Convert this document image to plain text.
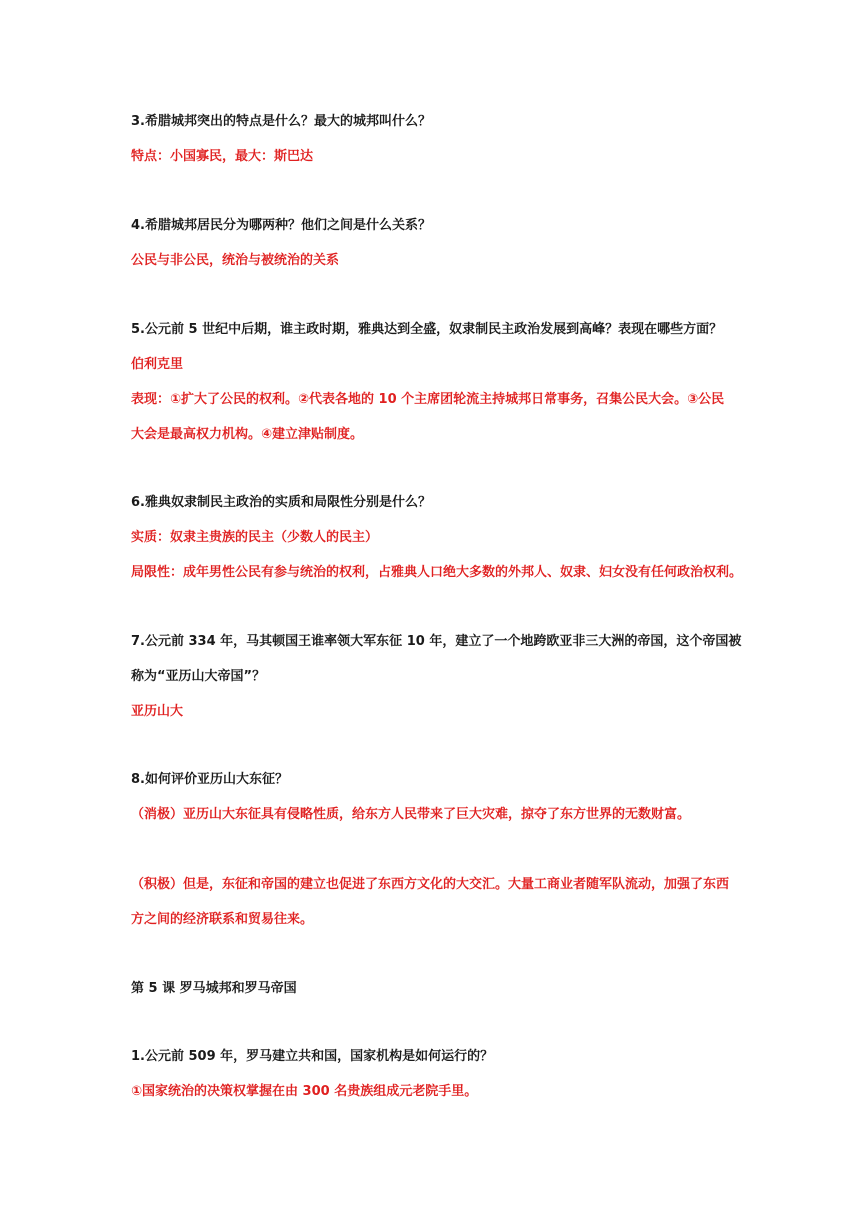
3.希腊城邦突出的特点是什么？最大的城邦叫什么？
特点：小国寡民，最大：斯巴达
4.希腊城邦居民分为哪两种？他们之间是什么关系？
公民与非公民，统治与被统治的关系
5.公元前 5 世纪中后期，谁主政时期，雅典达到全盛，奴隶制民主政治发展到高峰？表现在哪些方面？
伯利克里
表现：①扩大了公民的权利。②代表各地的 10 个主席团轮流主持城邦日常事务，召集公民大会。③公民
大会是最高权力机构。④建立津贴制度。
6.雅典奴隶制民主政治的实质和局限性分别是什么？
实质：奴隶主贵族的民主（少数人的民主）
局限性：成年男性公民有参与统治的权利，占雅典人口绝大多数的外邦人、奴隶、妇女没有任何政治权利。
7.公元前 334 年，马其顿国王谁率领大军东征 10 年，建立了一个地跨欧亚非三大洲的帝国，这个帝国被
称为“亚历山大帝国”？
亚历山大
8.如何评价亚历山大东征？
（消极）亚历山大东征具有侵略性质，给东方人民带来了巨大灾难，掠夺了东方世界的无数财富。
（积极）但是，东征和帝国的建立也促进了东西方文化的大交汇。大量工商业者随军队流动，加强了东西
方之间的经济联系和贸易往来。
第 5 课 罗马城邦和罗马帝国
1.公元前 509 年，罗马建立共和国，国家机构是如何运行的？
①国家统治的决策权掌握在由 300 名贵族组成元老院手里。
